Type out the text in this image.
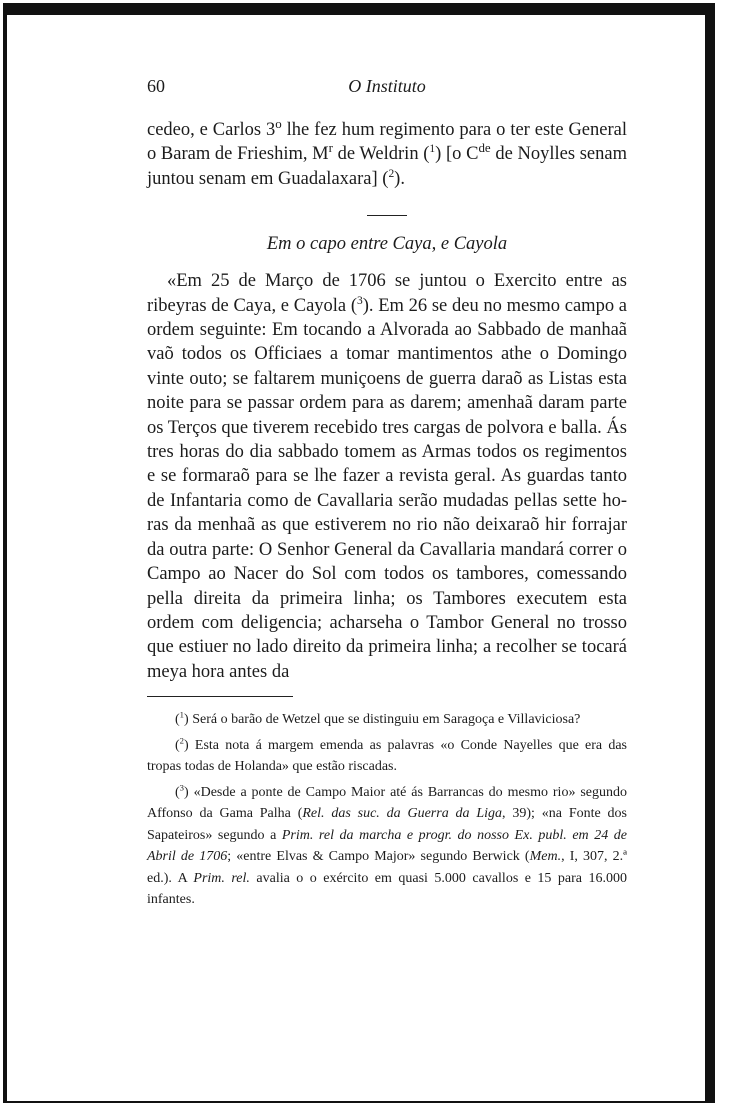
60	O Instituto

cedeo, e Carlos 3$^o$ lhe fez hum regimento para o ter este General o Baram de Frieshim, $M^r$ de Weldrin ($^1$) [o Cde de Noylles senam juntou senam em Guadalaxara] ($^2$).

Em o capo entre Caya, e Cayola

«Em 25 de Março de 1706 se juntou o Exercito entre as ribeyras de Caya, e Cayola ($^3$). Em 26 se deu no mesmo campo a ordem seguinte: Em tocando a Alvorada ao Sabbado de manhaã vaõ todos os Officiaes a tomar mantimentos athe o Domingo vinte outo; se faltarem muniçoens de guerra daraõ as Listas esta noite para se passar ordem para as darem; amenhaã daram parte os Terços que tiverem recebido tres cargas de polvora e balla. Ás tres horas do dia sabbado tomem as Armas todos os regimentos e se formaraõ para se lhe fazer a revista geral. As guardas tanto de Infantaria como de Cavallaria serão mudadas pellas sette horas da menhaã as que estiverem no rio não deixaraõ hir forrajar da outra parte: O Senhor General da Cavallaria mandará correr o Campo ao Nacer do Sol com todos os tambores, comessando pella direita da primeira linha; os Tambores executem esta ordem com deligencia; acharseha o Tambor General no trosso que estiuer no lado direito da primeira linha; a recolher se tocará meya hora antes da

($^1$) Será o barão de Wetzel que se distinguiu em Saragoça e Villaviciosa?

($^2$) Esta nota á margem emenda as palavras «o Conde Nayelles que era das tropas todas de Holanda» que estão riscadas.

($^3$) «Desde a ponte de Campo Maior até ás Barrancas do mesmo rio» segundo Affonso da Gama Palha (Rel. das suc. da Guerra da Liga, 39); «na Fonte dos Sapateiros» segundo a Prim. rel da marcha e progr. do nosso Ex. publ. em 24 de Abril de 1706; «entre Elvas & Campo Major» segundo Berwick (Mem., I, 307, 2.ª ed.). A Prim. rel. avalia o o exército em quasi 5.000 cavallos e 15 para 16.000 infantes.
